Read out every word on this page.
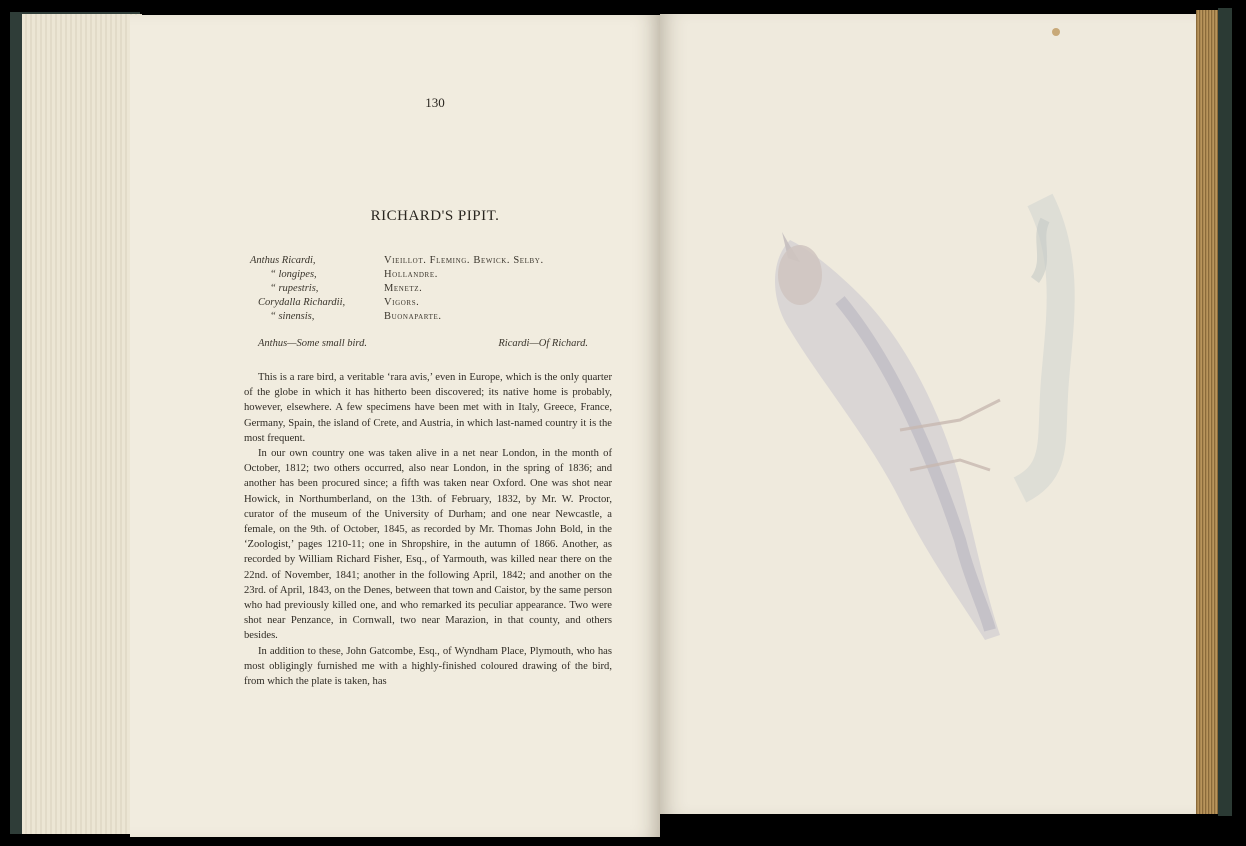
130
RICHARD'S PIPIT.
Anthus Ricardi,	Vieillot. Fleming. Bewick. Selby.
“ longipes,	Hollandre.
“ rupestris,	Menetz.
Corydalla Richardii,	Vigors.
“ sinensis,	Buonaparte.
Anthus—Some small bird.	Ricardi—Of Richard.

This is a rare bird, a veritable ‘rara avis,’ even in Europe, which is the only quarter of the globe in which it has hitherto been discovered; its native home is probably, however, elsewhere. A few specimens have been met with in Italy, Greece, France, Germany, Spain, the island of Crete, and Austria, in which last-named country it is the most frequent.

In our own country one was taken alive in a net near London, in the month of October, 1812; two others occurred, also near London, in the spring of 1836; and another has been procured since; a fifth was taken near Oxford. One was shot near Howick, in Northumberland, on the 13th. of February, 1832, by Mr. W. Proctor, curator of the museum of the University of Durham; and one near Newcastle, a female, on the 9th. of October, 1845, as recorded by Mr. Thomas John Bold, in the ‘Zoologist,’ pages 1210-11; one in Shropshire, in the autumn of 1866. Another, as recorded by William Richard Fisher, Esq., of Yarmouth, was killed near there on the 22nd. of November, 1841; another in the following April, 1842; and another on the 23rd. of April, 1843, on the Denes, between that town and Caistor, by the same person who had previously killed one, and who remarked its peculiar appearance. Two were shot near Penzance, in Cornwall, two near Marazion, in that county, and others besides.

In addition to these, John Gatcombe, Esq., of Wyndham Place, Plymouth, who has most obligingly furnished me with a highly-finished coloured drawing of the bird, from which the plate is taken, has
